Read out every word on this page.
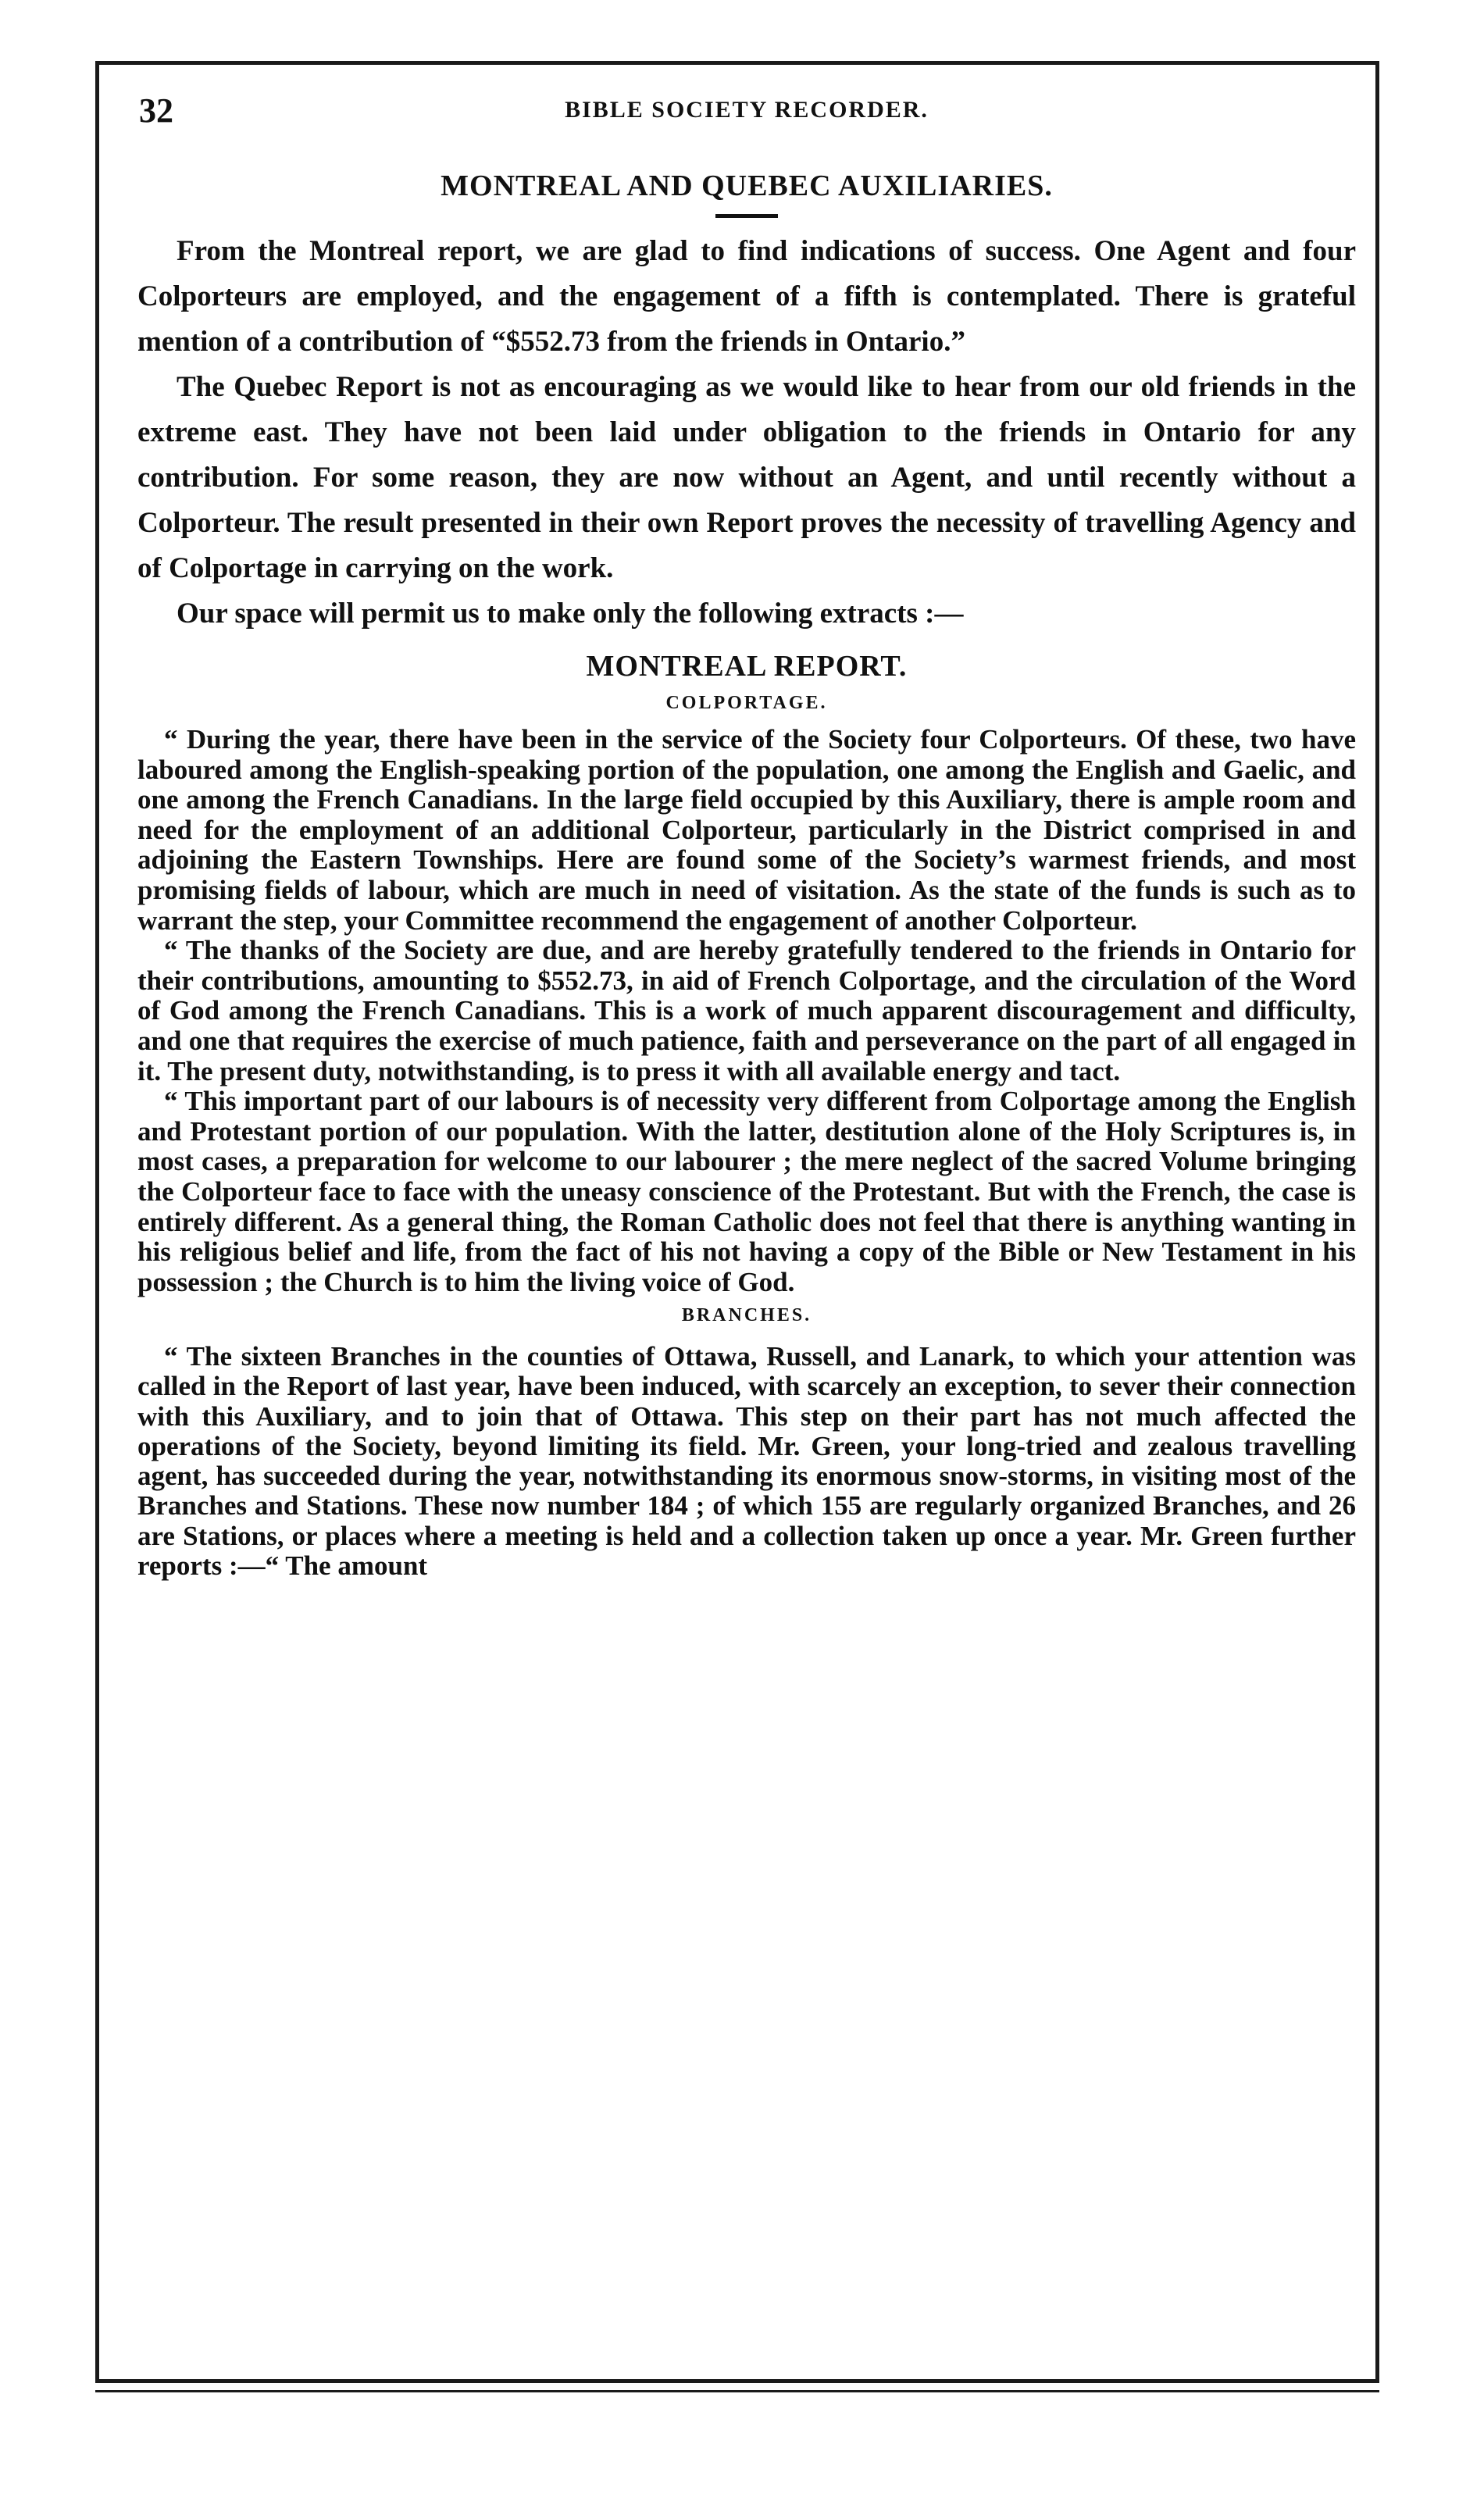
32	BIBLE SOCIETY RECORDER.
MONTREAL AND QUEBEC AUXILIARIES.

From the Montreal report, we are glad to find indications of success. One Agent and four Colporteurs are employed, and the engagement of a fifth is contemplated. There is grateful mention of a contribution of “$552.73 from the friends in Ontario.”

The Quebec Report is not as encouraging as we would like to hear from our old friends in the extreme east. They have not been laid under obligation to the friends in Ontario for any contribution. For some reason, they are now without an Agent, and until recently without a Colporteur. The result presented in their own Report proves the necessity of travelling Agency and of Colportage in carrying on the work.

Our space will permit us to make only the following extracts :—

MONTREAL REPORT.
COLPORTAGE.

“ During the year, there have been in the service of the Society four Colporteurs. Of these, two have laboured among the English-speaking portion of the population, one among the English and Gaelic, and one among the French Canadians. In the large field occupied by this Auxiliary, there is ample room and need for the employment of an additional Colporteur, particularly in the District comprised in and adjoining the Eastern Townships. Here are found some of the Society’s warmest friends, and most promising fields of labour, which are much in need of visitation. As the state of the funds is such as to warrant the step, your Committee recommend the engagement of another Colporteur.

“ The thanks of the Society are due, and are hereby gratefully tendered to the friends in Ontario for their contributions, amounting to $552.73, in aid of French Colportage, and the circulation of the Word of God among the French Canadians. This is a work of much apparent discouragement and difficulty, and one that requires the exercise of much patience, faith and perseverance on the part of all engaged in it. The present duty, notwithstanding, is to press it with all available energy and tact.

“ This important part of our labours is of necessity very different from Colportage among the English and Protestant portion of our population. With the latter, destitution alone of the Holy Scriptures is, in most cases, a preparation for welcome to our labourer ; the mere neglect of the sacred Volume bringing the Colporteur face to face with the uneasy conscience of the Protestant. But with the French, the case is entirely different. As a general thing, the Roman Catholic does not feel that there is anything wanting in his religious belief and life, from the fact of his not having a copy of the Bible or New Testament in his possession ; the Church is to him the living voice of God.

BRANCHES.

“ The sixteen Branches in the counties of Ottawa, Russell, and Lanark, to which your attention was called in the Report of last year, have been induced, with scarcely an exception, to sever their connection with this Auxiliary, and to join that of Ottawa. This step on their part has not much affected the operations of the Society, beyond limiting its field. Mr. Green, your long-tried and zealous travelling agent, has succeeded during the year, notwithstanding its enormous snow-storms, in visiting most of the Branches and Stations. These now number 184 ; of which 155 are regularly organized Branches, and 26 are Stations, or places where a meeting is held and a collection taken up once a year. Mr. Green further reports :—“ The amount
